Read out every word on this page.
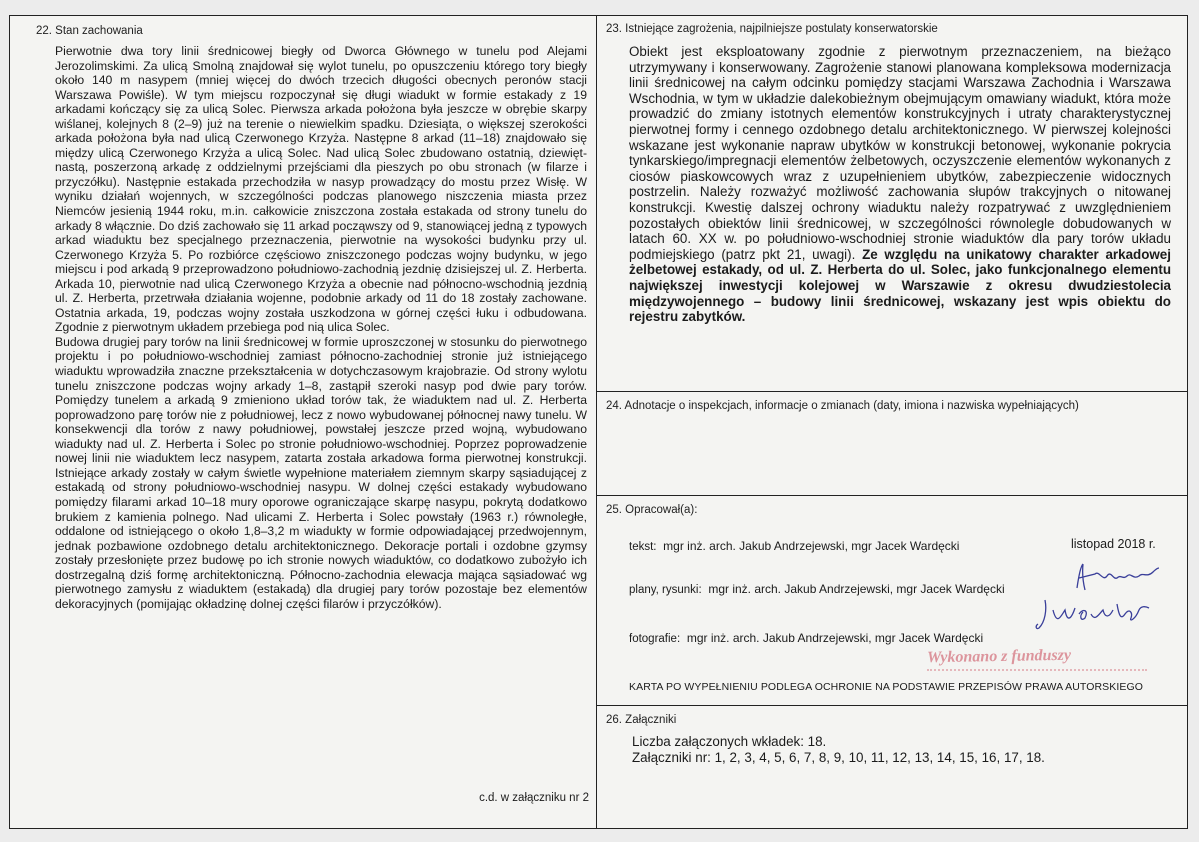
22. Stan zachowania

Pierwotnie dwa tory linii średnicowej biegły od Dworca Głównego w tunelu pod Alejami Jerozolimskimi. Za ulicą Smolną znajdował się wylot tunelu, po opuszczeniu którego tory biegły około 140 m nasypem (mniej więcej do dwóch trzecich długości obecnych peronów stacji Warszawa Powiśle). W tym miejscu rozpoczynał się długi wiadukt w formie estakady z 19 arkadami kończący się za ulicą Solec. Pierwsza arkada położona była jeszcze w obrębie skarpy wiślanej, kolejnych 8 (2–9) już na terenie o niewielkim spadku. Dziesiąta, o większej szerokości arkada położona była nad ulicą Czerwonego Krzyża. Następne 8 arkad (11–18) znajdowało się między ulicą Czerwonego Krzyża a ulicą Solec. Nad ulicą Solec zbudowano ostatnią, dziewiętnastą, poszerzoną arkadę z oddzielnymi przejściami dla pieszych po obu stronach (w filarze i przyczółku). Następnie estakada przechodziła w nasyp prowadzący do mostu przez Wisłę. W wyniku działań wojennych, w szczególności podczas planowego niszczenia miasta przez Niemców jesienią 1944 roku, m.in. całkowicie zniszczona została estakada od strony tunelu do arkady 8 włącznie. Do dziś zachowało się 11 arkad począwszy od 9, stanowiącej jedną z typowych arkad wiaduktu bez specjalnego przeznaczenia, pierwotnie na wysokości budynku przy ul. Czerwonego Krzyża 5. Po rozbiórce częściowo zniszczonego podczas wojny budynku, w jego miejscu i pod arkadą 9 przeprowadzono południowo-zachodnią jezdnię dzisiejszej ul. Z. Herberta. Arkada 10, pierwotnie nad ulicą Czerwonego Krzyża a obecnie nad północno-wschodnią jezdnią ul. Z. Herberta, przetrwała działania wojenne, podobnie arkady od 11 do 18 zostały zachowane. Ostatnia arkada, 19, podczas wojny została uszkodzona w górnej części łuku i odbudowana. Zgodnie z pierwotnym układem przebiega pod nią ulica Solec.

Budowa drugiej pary torów na linii średnicowej w formie uproszczonej w stosunku do pierwotnego projektu i po południowo-wschodniej zamiast północno-zachodniej stronie już istniejącego wiaduktu wprowadziła znaczne przekształcenia w dotychczasowym krajobrazie. Od strony wylotu tunelu zniszczone podczas wojny arkady 1–8, zastąpił szeroki nasyp pod dwie pary torów. Pomiędzy tunelem a arkadą 9 zmieniono układ torów tak, że wiaduktem nad ul. Z. Herberta poprowadzono parę torów nie z południowej, lecz z nowo wybudowanej północnej nawy tunelu. W konsekwencji dla torów z nawy południowej, powstałej jeszcze przed wojną, wybudowano wiadukty nad ul. Z. Herberta i Solec po stronie południowo-wschodniej. Poprzez poprowadzenie nowej linii nie wiaduktem lecz nasypem, zatarta została arkadowa forma pierwotnej konstrukcji. Istniejące arkady zostały w całym świetle wypełnione materiałem ziemnym skarpy sąsiadującej z estakadą od strony południowo-wschodniej nasypu. W dolnej części estakady wybudowano pomiędzy filarami arkad 10–18 mury oporowe ograniczające skarpę nasypu, pokrytą dodatkowo brukiem z kamienia polnego. Nad ulicami Z. Herberta i Solec powstały (1963 r.) równoległe, oddalone od istniejącego o około 1,8–3,2 m wiadukty w formie odpowiadającej przedwojennym, jednak pozbawione ozdobnego detalu architektonicznego. Dekoracje portali i ozdobne gzymsy zostały przesłonięte przez budowę po ich stronie nowych wiaduktów, co dodatkowo zubożyło ich dostrzegalną dziś formę architektoniczną. Północno-zachodnia elewacja mająca sąsiadować wg pierwotnego zamysłu z wiaduktem (estakadą) dla drugiej pary torów pozostaje bez elementów dekoracyjnych (pomijając okładzinę dolnej części filarów i przyczółków).

c.d. w załączniku nr 2
23. Istniejące zagrożenia, najpilniejsze postulaty konserwatorskie
Obiekt jest eksploatowany zgodnie z pierwotnym przeznaczeniem, na bieżąco utrzymywany i konserwowany. Zagrożenie stanowi planowana kompleksowa modernizacja linii średnicowej na całym odcinku pomiędzy stacjami Warszawa Zachodnia i Warszawa Wschodnia, w tym w układzie dalekobieżnym obejmującym omawiany wiadukt, która może prowadzić do zmiany istotnych elementów konstrukcyjnych i utraty charakterystycznej pierwotnej formy i cennego ozdobnego detalu architektonicznego. W pierwszej kolejności wskazane jest wykonanie napraw ubytków w konstrukcji betonowej, wykonanie pokrycia tynkarskiego/impregnacji elementów żelbetowych, oczyszczenie elementów wykonanych z ciosów piaskowcowych wraz z uzupełnieniem ubytków, zabezpieczenie widocznych postrzelin. Należy rozważyć możliwość zachowania słupów trakcyjnych o nitowanej konstrukcji. Kwestię dalszej ochrony wiaduktu należy rozpatrywać z uwzględnieniem pozostałych obiektów linii średnicowej, w szczególności równolegle dobudowanych w latach 60. XX w. po południowo-wschodniej stronie wiaduktów dla pary torów układu podmiejskiego (patrz pkt 21, uwagi). Ze względu na unikatowy charakter arkadowej żelbetowej estakady, od ul. Z. Herberta do ul. Solec, jako funkcjonalnego elementu największej inwestycji kolejowej w Warszawie z okresu dwudziestolecia międzywojennego – budowy linii średnicowej, wskazany jest wpis obiektu do rejestru zabytków.
24. Adnotacje o inspekcjach, informacje o zmianach (daty, imiona i nazwiska wypełniających)
25. Opracował(a):
tekst: mgr inż. arch. Jakub Andrzejewski, mgr Jacek Wardęcki	listopad 2018 r.
plany, rysunki: mgr inż. arch. Jakub Andrzejewski, mgr Jacek Wardęcki
fotografie: mgr inż. arch. Jakub Andrzejewski, mgr Jacek Wardęcki
Wykonano z funduszy
KARTA PO WYPEŁNIENIU PODLEGA OCHRONIE NA PODSTAWIE PRZEPISÓW PRAWA AUTORSKIEGO
26. Załączniki
Liczba załączonych wkładek: 18.
Załączniki nr: 1, 2, 3, 4, 5, 6, 7, 8, 9, 10, 11, 12, 13, 14, 15, 16, 17, 18.
